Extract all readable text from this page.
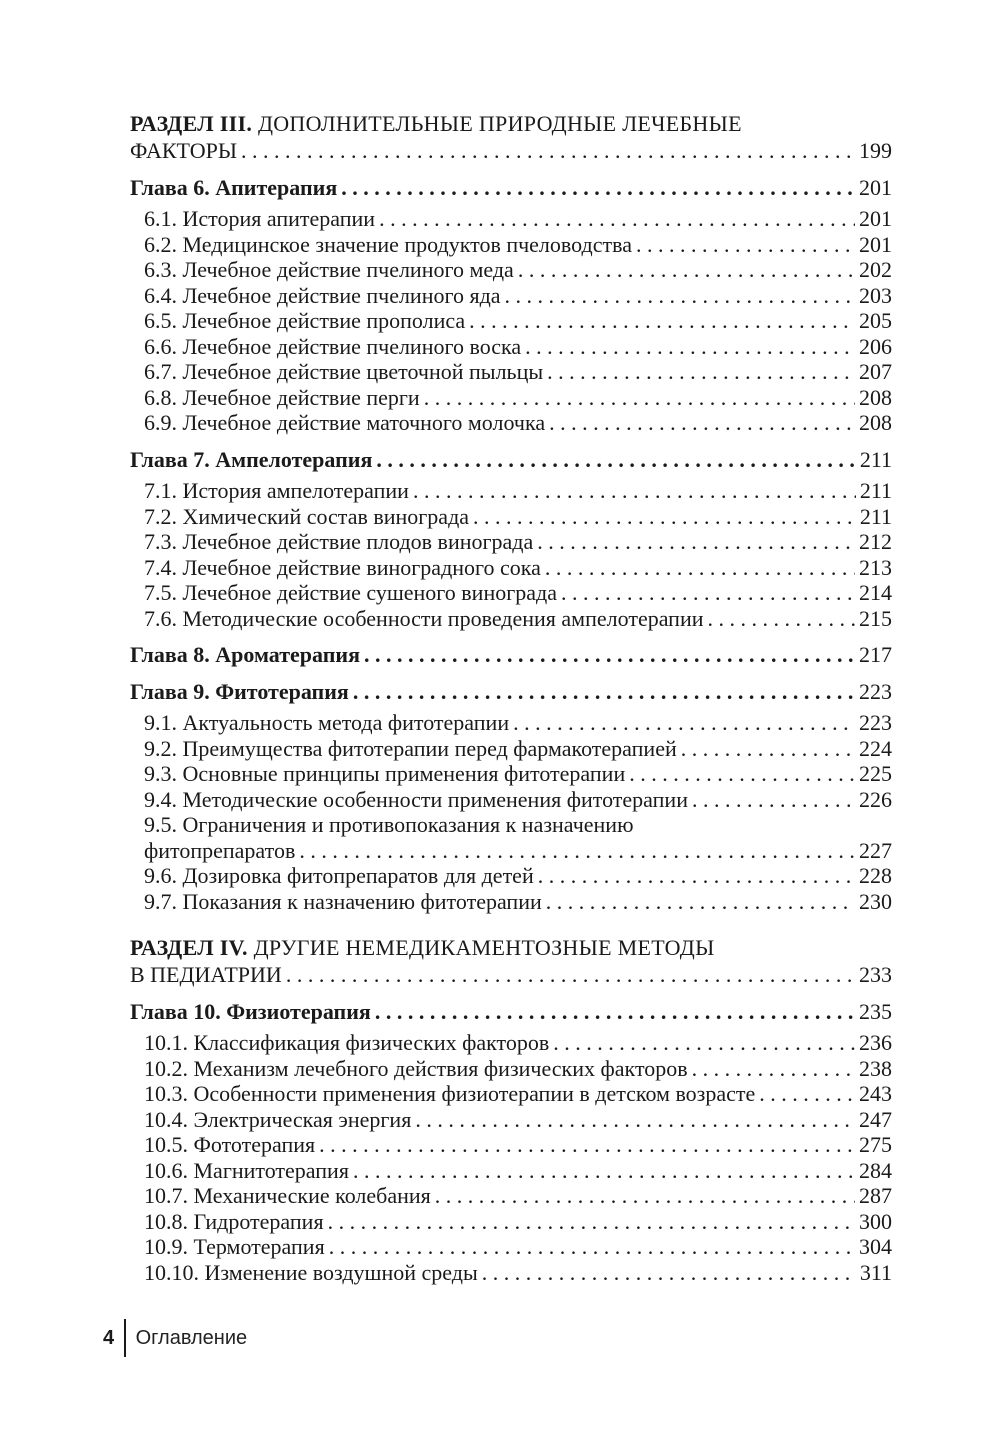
РАЗДЕЛ III. ДОПОЛНИТЕЛЬНЫЕ ПРИРОДНЫЕ ЛЕЧЕБНЫЕ
ФАКТОРЫ . . .	199
Глава 6. Апитерапия . . .	201
6.1. История апитерапии . . .	201
6.2. Медицинское значение продуктов пчеловодства . . .	201
6.3. Лечебное действие пчелиного меда . . .	202
6.4. Лечебное действие пчелиного яда . . .	203
6.5. Лечебное действие прополиса . . .	205
6.6. Лечебное действие пчелиного воска . . .	206
6.7. Лечебное действие цветочной пыльцы . . .	207
6.8. Лечебное действие перги . . .	208
6.9. Лечебное действие маточного молочка . . .	208
Глава 7. Ампелотерапия . . .	211
7.1. История ампелотерапии . . .	211
7.2. Химический состав винограда . . .	211
7.3. Лечебное действие плодов винограда . . .	212
7.4. Лечебное действие виноградного сока . . .	213
7.5. Лечебное действие сушеного винограда . . .	214
7.6. Методические особенности проведения ампелотерапии . . .	215
Глава 8. Ароматерапия . . .	217
Глава 9. Фитотерапия . . .	223
9.1. Актуальность метода фитотерапии . . .	223
9.2. Преимущества фитотерапии перед фармакотерапией . . .	224
9.3. Основные принципы применения фитотерапии . . .	225
9.4. Методические особенности применения фитотерапии . . .	226
9.5. Ограничения и противопоказания к назначению
фитопрепаратов . . .	227
9.6. Дозировка фитопрепаратов для детей . . .	228
9.7. Показания к назначению фитотерапии . . .	230
РАЗДЕЛ IV. ДРУГИЕ НЕМЕДИКАМЕНТОЗНЫЕ МЕТОДЫ
В ПЕДИАТРИИ . . .	233
Глава 10. Физиотерапия . . .	235
10.1. Классификация физических факторов . . .	236
10.2. Механизм лечебного действия физических факторов . . .	238
10.3. Особенности применения физиотерапии в детском возрасте . . .	243
10.4. Электрическая энергия . . .	247
10.5. Фототерапия . . .	275
10.6. Магнитотерапия . . .	284
10.7. Механические колебания . . .	287
10.8. Гидротерапия . . .	300
10.9. Термотерапия . . .	304
10.10. Изменение воздушной среды . . .	311
4	Оглавление
